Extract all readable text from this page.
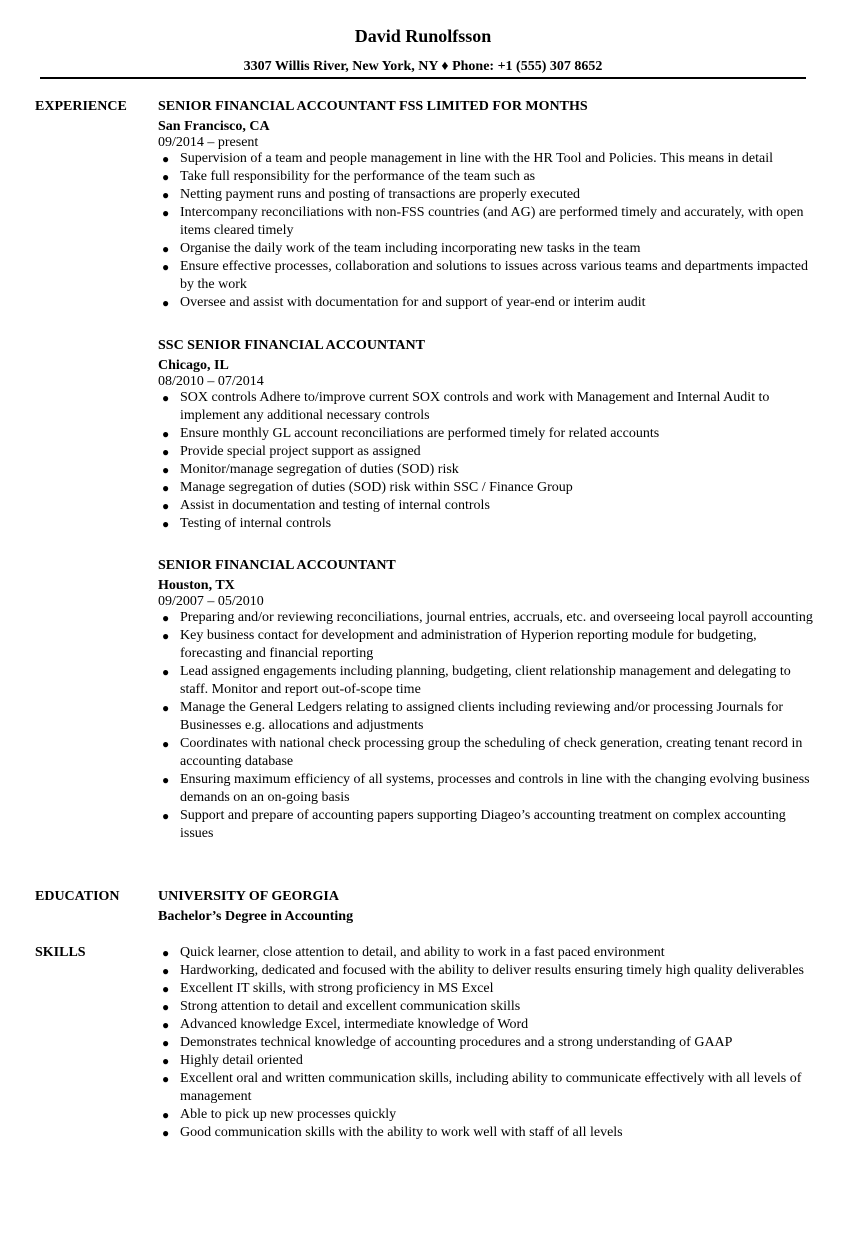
David Runolfsson
3307 Willis River, New York, NY ♦ Phone: +1 (555) 307 8652
EXPERIENCE SENIOR FINANCIAL ACCOUNTANT FSS LIMITED FOR MONTHS
San Francisco, CA
09/2014 – present
● Supervision of a team and people management in line with the HR Tool and Policies. This means in detail
● Take full responsibility for the performance of the team such as
● Netting payment runs and posting of transactions are properly executed
● Intercompany reconciliations with non-FSS countries (and AG) are performed timely and accurately, with open items cleared timely
● Organise the daily work of the team including incorporating new tasks in the team
● Ensure effective processes, collaboration and solutions to issues across various teams and departments impacted by the work
● Oversee and assist with documentation for and support of year-end or interim audit
SSC SENIOR FINANCIAL ACCOUNTANT
Chicago, IL
08/2010 – 07/2014
● SOX controls Adhere to/improve current SOX controls and work with Management and Internal Audit to implement any additional necessary controls
● Ensure monthly GL account reconciliations are performed timely for related accounts
● Provide special project support as assigned
● Monitor/manage segregation of duties (SOD) risk
● Manage segregation of duties (SOD) risk within SSC / Finance Group
● Assist in documentation and testing of internal controls
● Testing of internal controls
SENIOR FINANCIAL ACCOUNTANT
Houston, TX
09/2007 – 05/2010
● Preparing and/or reviewing reconciliations, journal entries, accruals, etc. and overseeing local payroll accounting
● Key business contact for development and administration of Hyperion reporting module for budgeting, forecasting and financial reporting
● Lead assigned engagements including planning, budgeting, client relationship management and delegating to staff. Monitor and report out-of-scope time
● Manage the General Ledgers relating to assigned clients including reviewing and/or processing Journals for Businesses e.g. allocations and adjustments
● Coordinates with national check processing group the scheduling of check generation, creating tenant record in accounting database
● Ensuring maximum efficiency of all systems, processes and controls in line with the changing evolving business demands on an on-going basis
● Support and prepare of accounting papers supporting Diageo’s accounting treatment on complex accounting issues
EDUCATION	UNIVERSITY OF GEORGIA
Bachelor’s Degree in Accounting
SKILLS	● Quick learner, close attention to detail, and ability to work in a fast paced environment
● Hardworking, dedicated and focused with the ability to deliver results ensuring timely high quality deliverables
● Excellent IT skills, with strong proficiency in MS Excel
● Strong attention to detail and excellent communication skills
● Advanced knowledge Excel, intermediate knowledge of Word
● Demonstrates technical knowledge of accounting procedures and a strong understanding of GAAP
● Highly detail oriented
● Excellent oral and written communication skills, including ability to communicate effectively with all levels of management
● Able to pick up new processes quickly
● Good communication skills with the ability to work well with staff of all levels
